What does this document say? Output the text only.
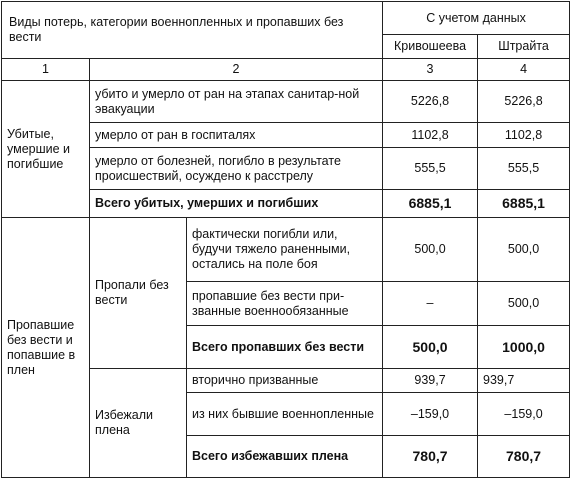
Виды потерь, категории военнопленных и пропавших без вести			С учетом данных	
			Кривошеева	Штрайта
1	2		3	4
Убитые, умершие и погибшие	убито и умерло от ран на этапах санитар-ной эвакуации		5226,8	5226,8
	умерло от ран в госпиталях		1102,8	1102,8
	умерло от болезней, погибло в результате происшествий, осуждено к расстрелу		555,5	555,5
	Всего убитых, умерших и погибших		6885,1	6885,1
Пропавшие без вести и попавшие в плен	Пропали без вести	фактически погибли или, будучи тяжело раненными, остались на поле боя	500,0	500,0
		пропавшие без вести при-званные военнообязанные	–	500,0
		Всего пропавших без вести	500,0	1000,0
	Избежали плена	вторично призванные	939,7	939,7
		из них бывшие военнопленные	–159,0	–159,0
		Всего избежавших плена	780,7	780,7
